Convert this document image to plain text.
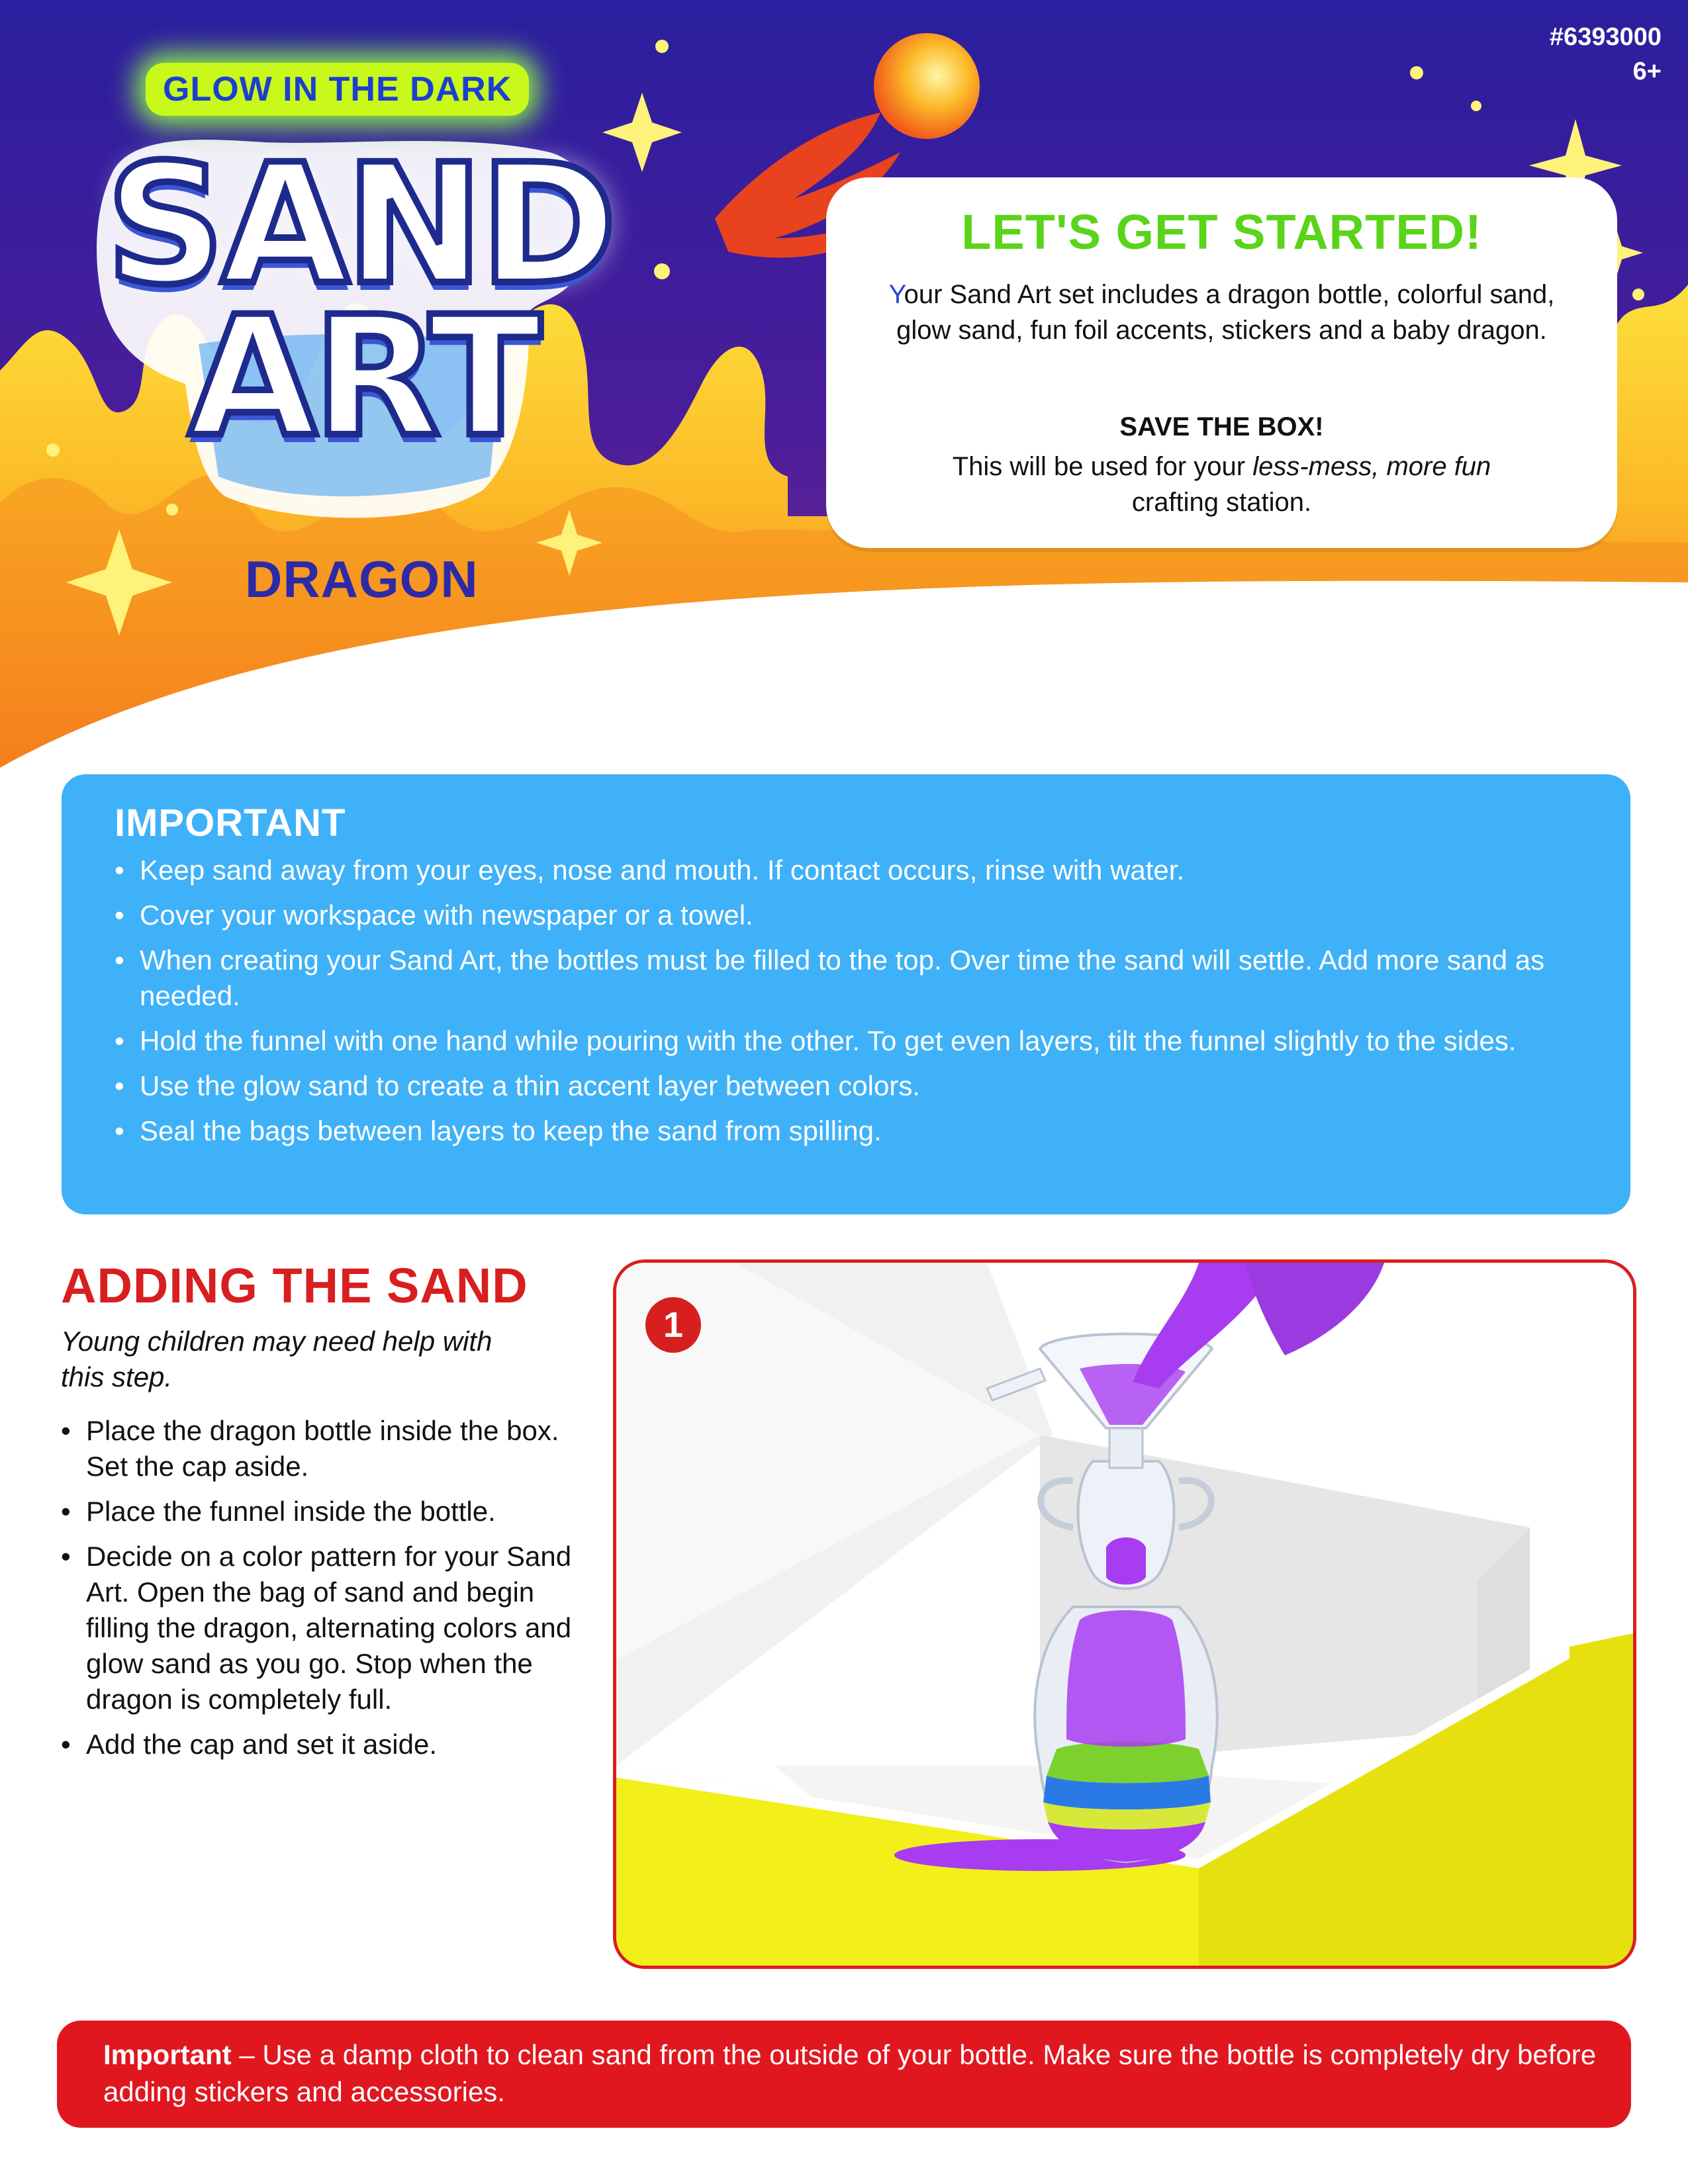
#6393000
6+
GLOW IN THE DARK
SAND
ART
DRAGON
LET'S GET STARTED!
Your Sand Art set includes a dragon bottle, colorful sand, glow sand, fun foil accents, stickers and a baby dragon.
SAVE THE BOX!
This will be used for your less-mess, more fun crafting station.
IMPORTANT
• Keep sand away from your eyes, nose and mouth. If contact occurs, rinse with water.
• Cover your workspace with newspaper or a towel.
• When creating your Sand Art, the bottles must be filled to the top. Over time the sand will settle. Add more sand as needed.
• Hold the funnel with one hand while pouring with the other. To get even layers, tilt the funnel slightly to the sides.
• Use the glow sand to create a thin accent layer between colors.
• Seal the bags between layers to keep the sand from spilling.
ADDING THE SAND
Young children may need help with this step.
• Place the dragon bottle inside the box. Set the cap aside.
• Place the funnel inside the bottle.
• Decide on a color pattern for your Sand Art. Open the bag of sand and begin filling the dragon, alternating colors and glow sand as you go. Stop when the dragon is completely full.
• Add the cap and set it aside.
1
Important – Use a damp cloth to clean sand from the outside of your bottle. Make sure the bottle is completely dry before adding stickers and accessories.
